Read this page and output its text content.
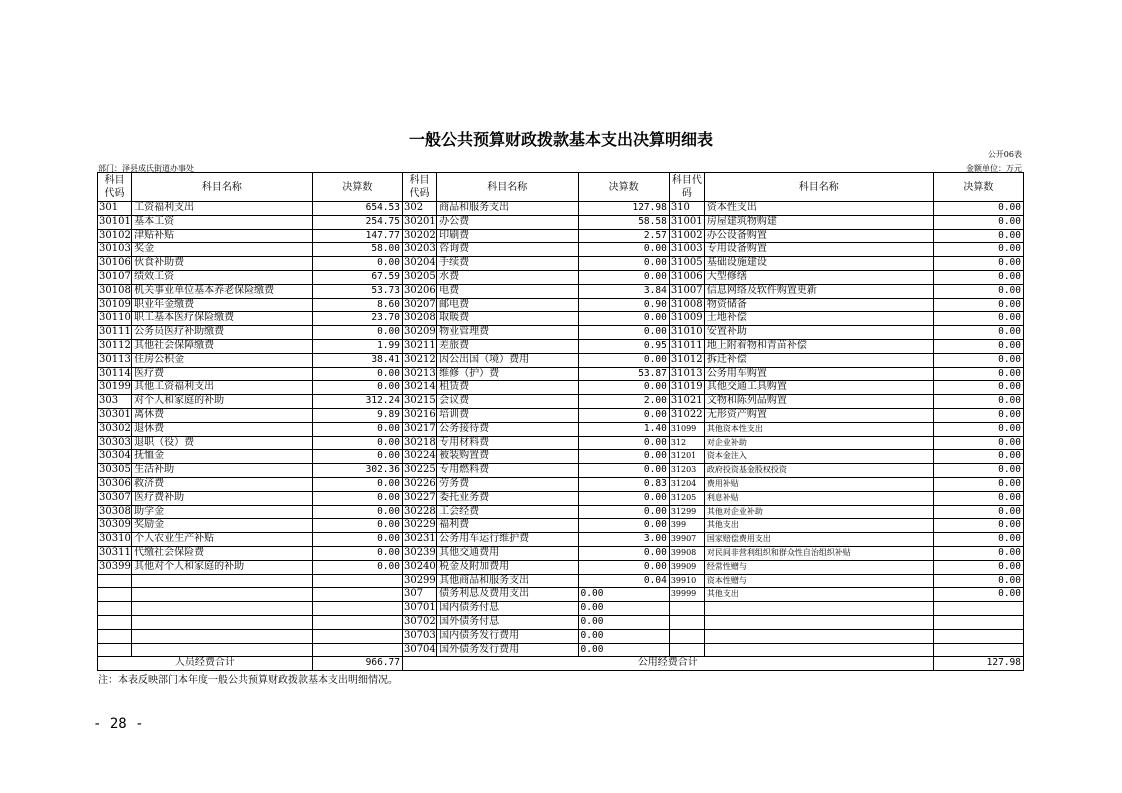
一般公共预算财政拨款基本支出决算明细表
公开06表
部门：泽县成氏街道办事处	金额单位：万元
科目代码	科目名称	决算数	科目代码	科目名称	决算数	科目代码	科目名称	决算数
301	工资福利支出	654.53	302	商品和服务支出	127.98	310	资本性支出	0.00
30101	基本工资	254.75	30201	办公费	58.58	31001	房屋建筑物购建	0.00
30102	津贴补贴	147.77	30202	印刷费	2.57	31002	办公设备购置	0.00
30103	奖金	58.00	30203	咨询费	0.00	31003	专用设备购置	0.00
30106	伙食补助费	0.00	30204	手续费	0.00	31005	基础设施建设	0.00
30107	绩效工资	67.59	30205	水费	0.00	31006	大型修缮	0.00
30108	机关事业单位基本养老保险缴费	53.73	30206	电费	3.84	31007	信息网络及软件购置更新	0.00
30109	职业年金缴费	8.60	30207	邮电费	0.90	31008	物资储备	0.00
30110	职工基本医疗保险缴费	23.70	30208	取暖费	0.00	31009	土地补偿	0.00
30111	公务员医疗补助缴费	0.00	30209	物业管理费	0.00	31010	安置补助	0.00
30112	其他社会保障缴费	1.99	30211	差旅费	0.95	31011	地上附着物和青苗补偿	0.00
30113	住房公积金	38.41	30212	因公出国（境）费用	0.00	31012	拆迁补偿	0.00
30114	医疗费	0.00	30213	维修（护）费	53.87	31013	公务用车购置	0.00
30199	其他工资福利支出	0.00	30214	租赁费	0.00	31019	其他交通工具购置	0.00
303	对个人和家庭的补助	312.24	30215	会议费	2.00	31021	文物和陈列品购置	0.00
30301	离休费	9.89	30216	培训费	0.00	31022	无形资产购置	0.00
30302	退休费	0.00	30217	公务接待费	1.40	31099	其他资本性支出	0.00
30303	退职（役）费	0.00	30218	专用材料费	0.00	312	对企业补助	0.00
30304	抚恤金	0.00	30224	被装购置费	0.00	31201	资本金注入	0.00
30305	生活补助	302.36	30225	专用燃料费	0.00	31203	政府投资基金股权投资	0.00
30306	救济费	0.00	30226	劳务费	0.83	31204	费用补贴	0.00
30307	医疗费补助	0.00	30227	委托业务费	0.00	31205	利息补贴	0.00
30308	助学金	0.00	30228	工会经费	0.00	31299	其他对企业补助	0.00
30309	奖励金	0.00	30229	福利费	0.00	399	其他支出	0.00
30310	个人农业生产补贴	0.00	30231	公务用车运行维护费	3.00	39907	国家赔偿费用支出	0.00
30311	代缴社会保险费	0.00	30239	其他交通费用	0.00	39908	对民间非营利组织和群众性自治组织补贴	0.00
30399	其他对个人和家庭的补助	0.00	30240	税金及附加费用	0.00	39909	经常性赠与	0.00
			30299	其他商品和服务支出	0.04	39910	资本性赠与	0.00
			307	债务利息及费用支出	0.00	39999	其他支出	0.00
			30701	国内债务付息	0.00			
			30702	国外债务付息	0.00			
			30703	国内债务发行费用	0.00			
			30704	国外债务发行费用	0.00			
人员经费合计		966.77	公用经费合计					127.98
注：本表反映部门本年度一般公共预算财政拨款基本支出明细情况。
- 28 -
